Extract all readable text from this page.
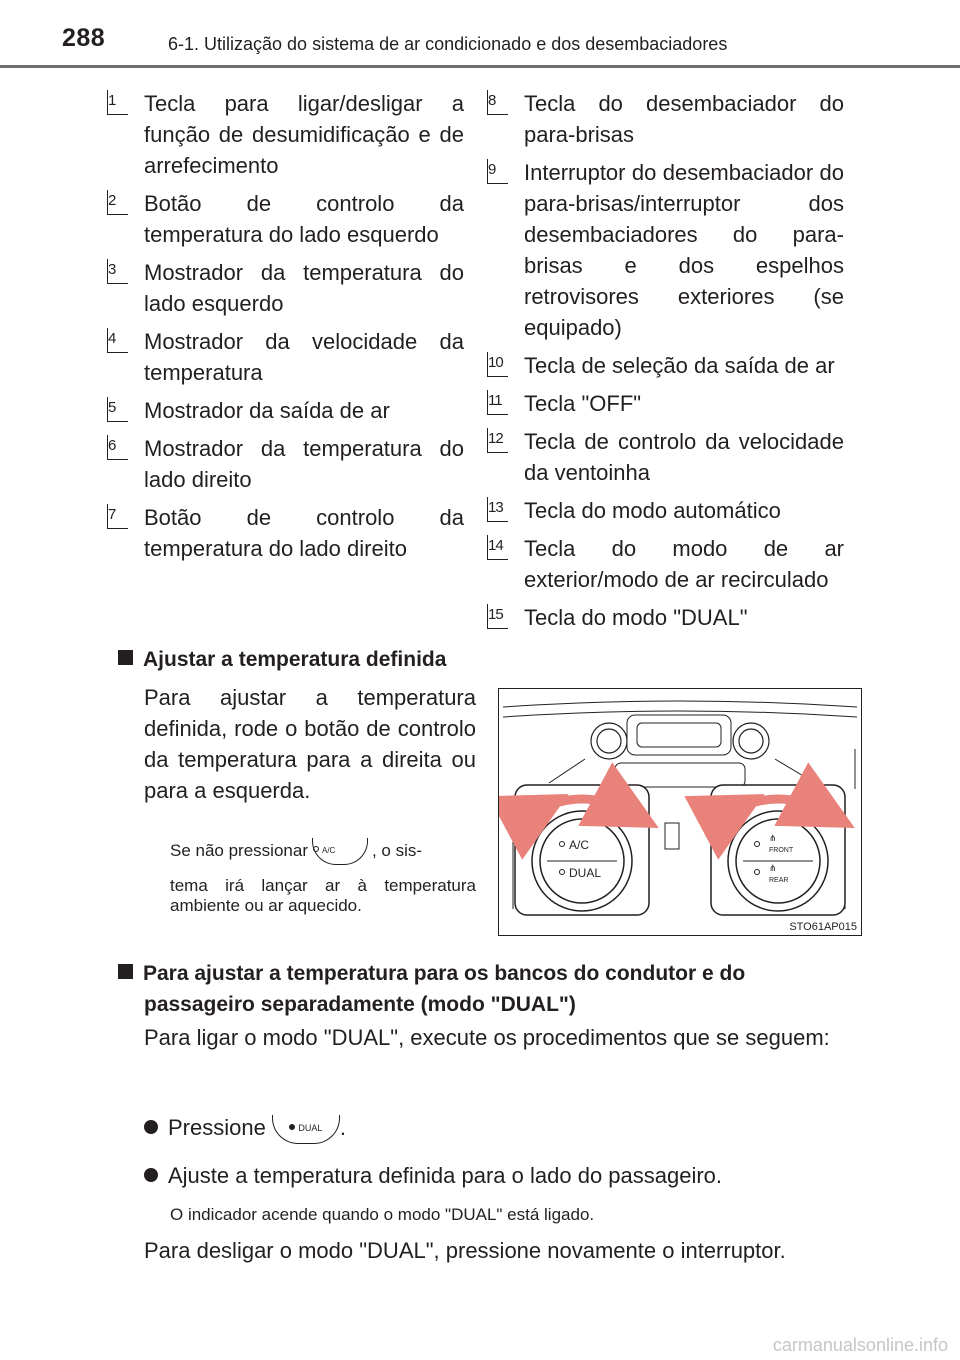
288	6-1. Utilização do sistema de ar condicionado e dos desembaciadores
1	Tecla para ligar/desligar a função de desumidificação e de arrefecimento
2	Botão de controlo da temperatura do lado esquerdo
3	Mostrador da temperatura do lado esquerdo
4	Mostrador da velocidade da temperatura
5	Mostrador da saída de ar
6	Mostrador da temperatura do lado direito
7	Botão de controlo da temperatura do lado direito
8	Tecla do desembaciador do para-brisas
9	Interruptor do desembaciador do para-brisas/interruptor dos desembaciadores do para-brisas e dos espelhos retrovisores exteriores (se equipado)
10 Tecla de seleção da saída de ar
11 Tecla "OFF"
12 Tecla de controlo da velocidade da ventoinha
13 Tecla do modo automático
14 Tecla do modo de ar exterior/modo de ar recirculado
15 Tecla do modo "DUAL"
Ajustar a temperatura definida
Para ajustar a temperatura definida, rode o botão de controlo da temperatura para a direita ou para a esquerda.
Se não pressionar A/C , o sis-
tema irá lançar ar à temperatura ambiente ou ar aquecido.
A/C
DUAL
⋔
FRONT
⋔
REAR
STO61AP015
Para ajustar a temperatura para os bancos do condutor e do
passageiro separadamente (modo "DUAL")
Para ligar o modo "DUAL", execute os procedimentos que se seguem:
Pressione	DUAL .
Ajuste a temperatura definida para o lado do passageiro.
O indicador acende quando o modo "DUAL" está ligado.
Para desligar o modo "DUAL", pressione novamente o interruptor.
carmanualsonline.info
